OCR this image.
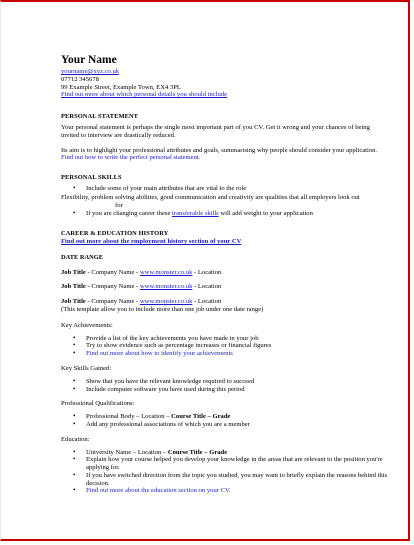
Your Name
yourname@xyz.co.uk
07712 345678
99 Example Street, Example Town, EX4 3PL
Find out more about which personal details you should include
PERSONAL STATEMENT

Your personal statement is perhaps the single most important part of you CV. Get it wrong and your chances of being invited to interview are drastically reduced.

Its aim is to highlight your professional attributes and goals, summarising why people should consider your application. Find out how to write the perfect personal statement.

PERSONAL SKILLS
• Include some of your main attributes that are vital to the role
Flexibility, problem solving abilities, good communication and creativity are qualities that all employers look out
for
• If you are changing career these transferable skills will add weight to your application
CAREER & EDUCATION HISTORY
Find out more about the employment history section of your CV
DATE RANGE
Job Title - Company Name - www.monster.co.uk - Location
Job Title - Company Name - www.monster.co.uk - Location
Job Title - Company Name - www.monster.co.uk - Location
(This template allow you to include more than one job under one date range)
Key Achievements:
• Provide a list of the key achievements you have made in your job
• Try to show evidence such as percentage increases or financial figures
• Find out more about how to identify your achievements
Key Skills Gained:
• Show that you have the relevant knowledge required to succeed
• Include computer software you have used during this period
Professional Qualifications:
• Professional Body – Location – Course Title – Grade
• Add any professional associations of which you are a member
Education:
• University Name – Location – Course Title – Grade
• Explain how your course helped you develop your knowledge in the areas that are relevant to the position you're applying for.
• If you have switched direction from the topic you studied, you may want to briefly explain the reasons behind this decision.
• Find out more about the education section on your CV.
